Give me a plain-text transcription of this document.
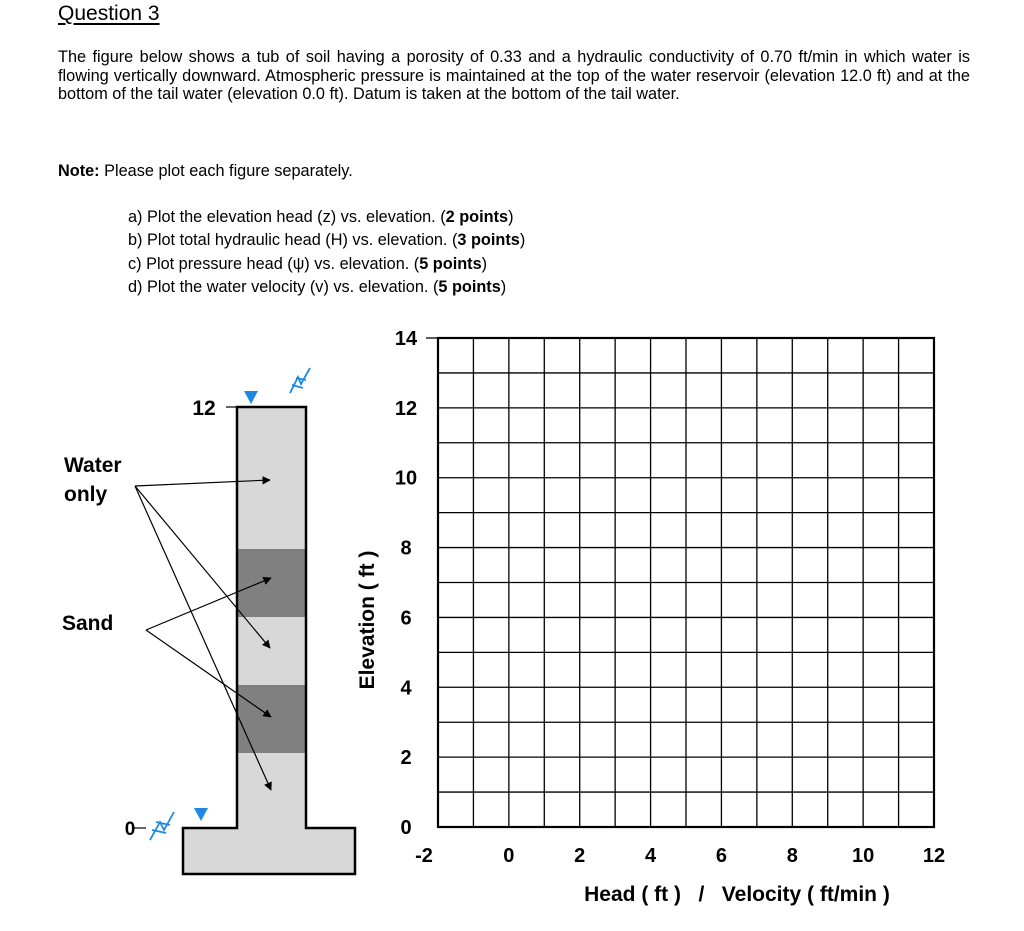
Question 3
The figure below shows a tub of soil having a porosity of 0.33 and a hydraulic conductivity of 0.70 ft/min in which water is flowing vertically downward. Atmospheric pressure is maintained at the top of the water reservoir (elevation 12.0 ft) and at the bottom of the tail water (elevation 0.0 ft). Datum is taken at the bottom of the tail water.
Note: Please plot each figure separately.
a) Plot the elevation head (z) vs. elevation. (2 points)
b) Plot total hydraulic head (H) vs. elevation. (3 points)
c) Plot pressure head (ψ) vs. elevation. (5 points)
d) Plot the water velocity (v) vs. elevation. (5 points)
12
0
Water
only
Sand
14
12
10
8
6
4
2
0
-2	0	2	4	6	8	10 12
Elevation ( ft )
Head ( ft )   /   Velocity ( ft/min )
